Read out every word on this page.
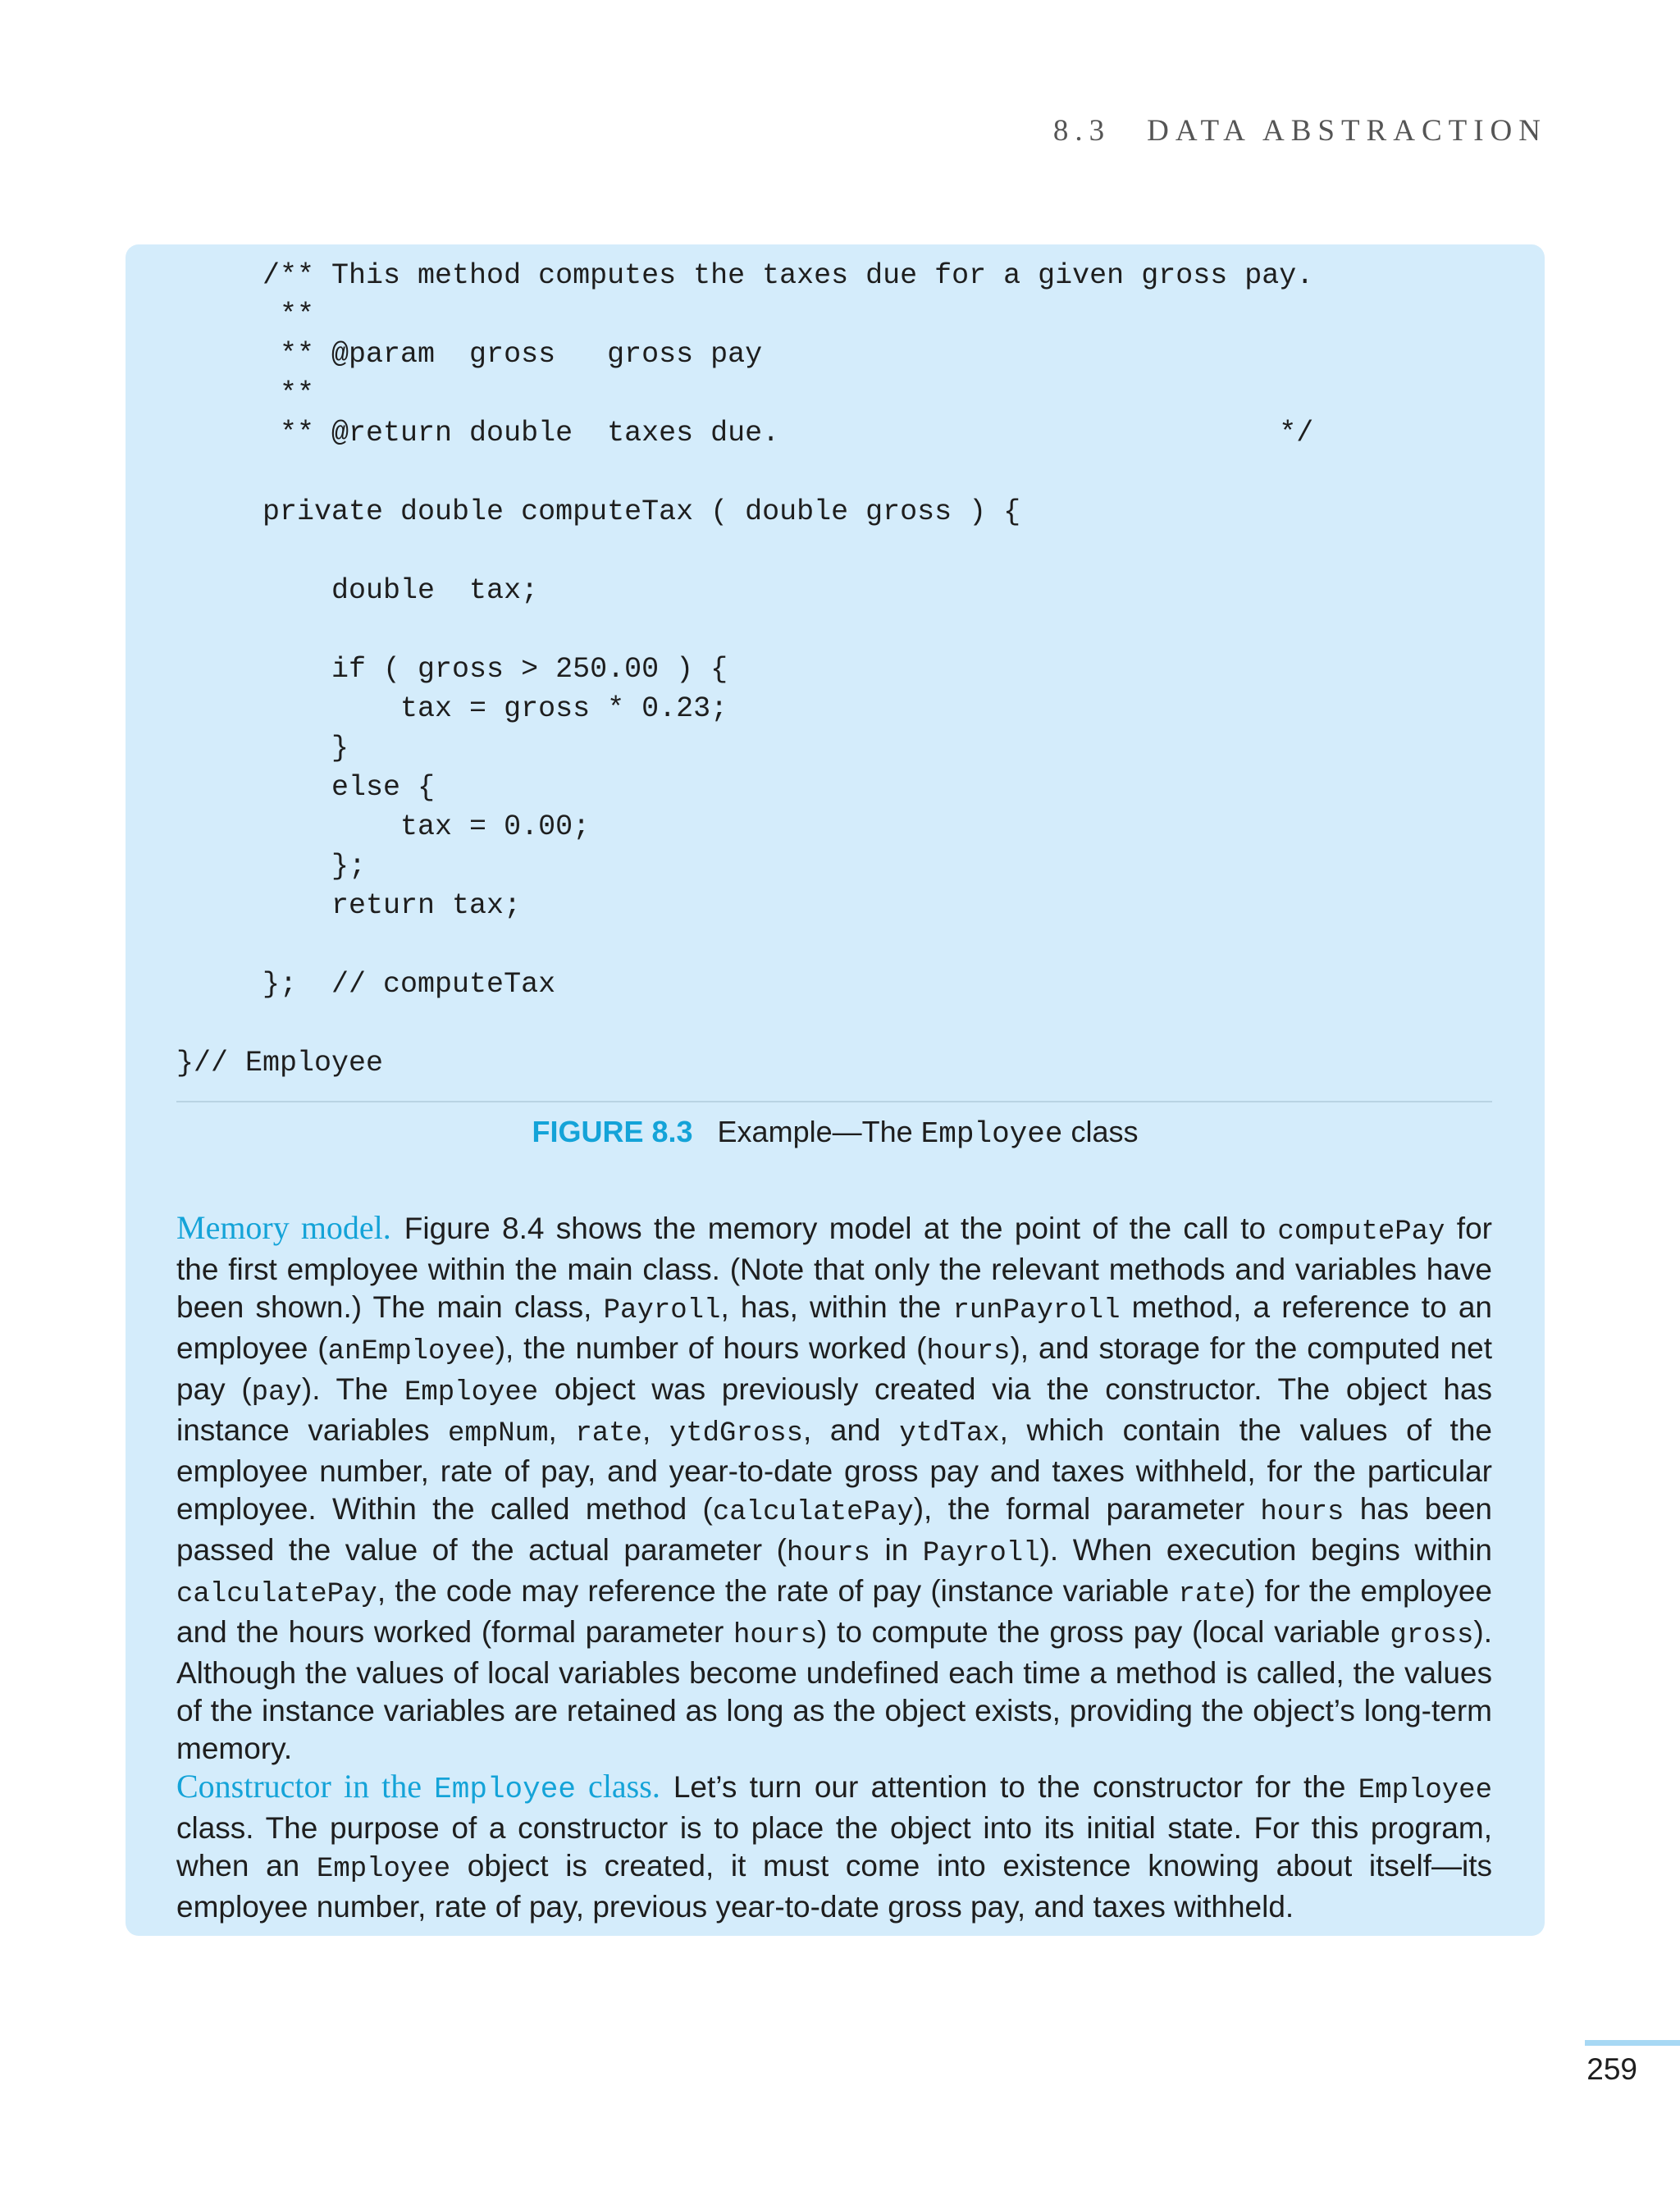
8.3 DATA ABSTRACTION
/** This method computes the taxes due for a given gross pay.
**
** @param  gross   gross pay
**
** @return double  taxes due.                             */

private double computeTax ( double gross ) {

double  tax;

if ( gross > 250.00 ) {
tax = gross * 0.23;
}
else {
tax = 0.00;
};
return tax;

};  // computeTax

}// Employee

FIGURE 8.3 Example—The Employee class

Memory model. Figure 8.4 shows the memory model at the point of the call to computePay for the first employee within the main class. (Note that only the relevant methods and variables have been shown.) The main class, Payroll, has, within the runPayroll method, a reference to an employee (anEmployee), the number of hours worked (hours), and storage for the computed net pay (pay). The Employee object was previously created via the constructor. The object has instance variables empNum, rate, ytdGross, and ytdTax, which contain the values of the employee number, rate of pay, and year-to-date gross pay and taxes withheld, for the particular employee. Within the called method (calculatePay), the formal parameter hours has been passed the value of the actual parameter (hours in Payroll). When execution begins within calculatePay, the code may reference the rate of pay (instance variable rate) for the employee and the hours worked (formal parameter hours) to compute the gross pay (local variable gross). Although the values of local variables become undefined each time a method is called, the values of the instance variables are retained as long as the object exists, providing the object’s long-term memory.

Constructor in the Employee class. Let’s turn our attention to the constructor for the Employee class. The purpose of a constructor is to place the object into its initial state. For this program, when an Employee object is created, it must come into existence knowing about itself—its employee number, rate of pay, previous year-to-date gross pay, and taxes withheld.

259
